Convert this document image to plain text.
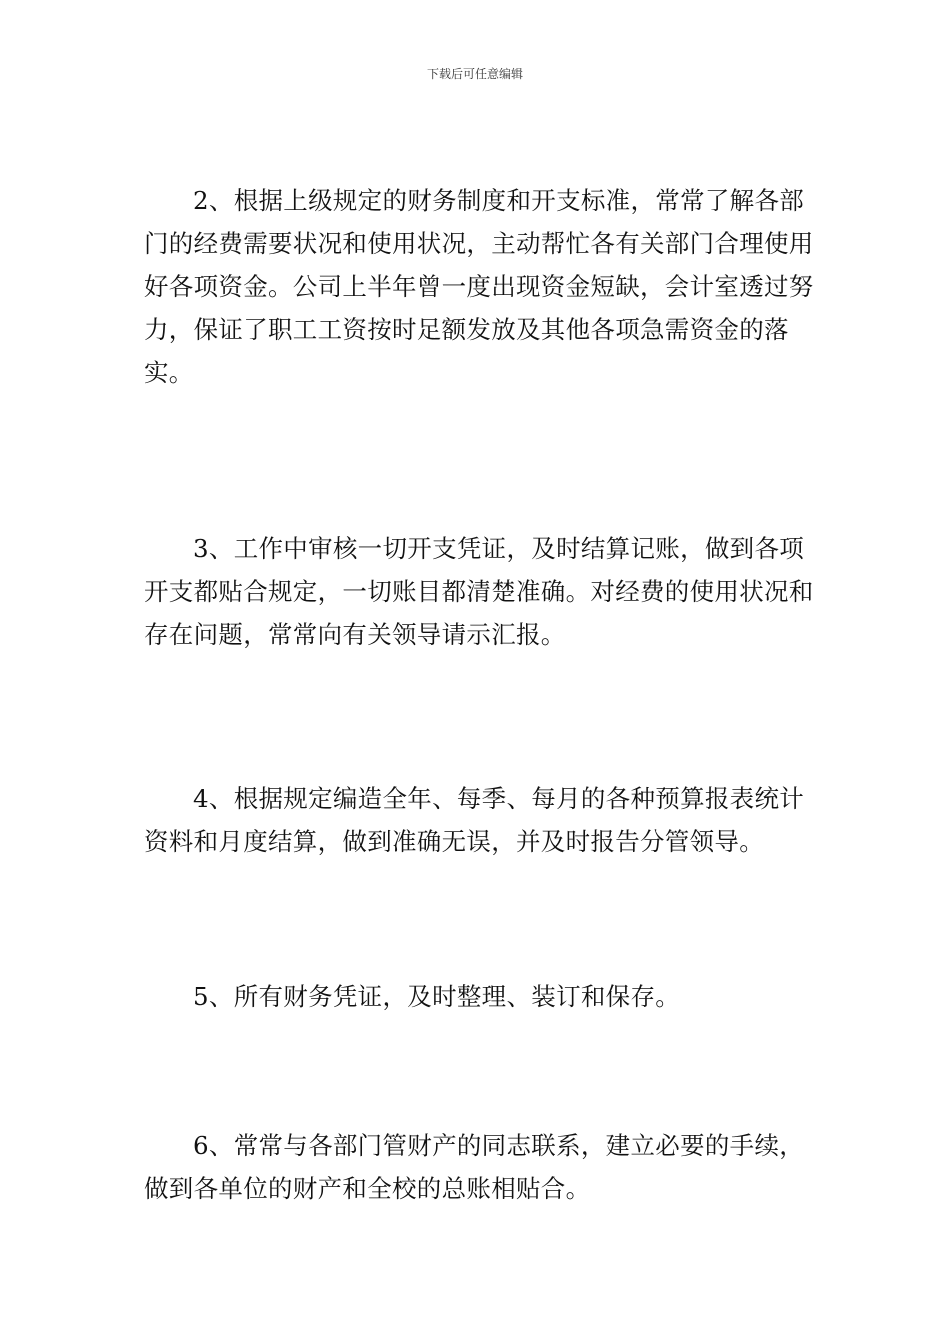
下载后可任意编辑

2、根据上级规定的财务制度和开支标准，常常了解各部门的经费需要状况和使用状况，主动帮忙各有关部门合理使用好各项资金。公司上半年曾一度出现资金短缺，会计室透过努力，保证了职工工资按时足额发放及其他各项急需资金的落实。

3、工作中审核一切开支凭证，及时结算记账，做到各项开支都贴合规定，一切账目都清楚准确。对经费的使用状况和存在问题，常常向有关领导请示汇报。

4、根据规定编造全年、每季、每月的各种预算报表统计资料和月度结算，做到准确无误，并及时报告分管领导。

5、所有财务凭证，及时整理、装订和保存。

6、常常与各部门管财产的同志联系，建立必要的手续，做到各单位的财产和全校的总账相贴合。
